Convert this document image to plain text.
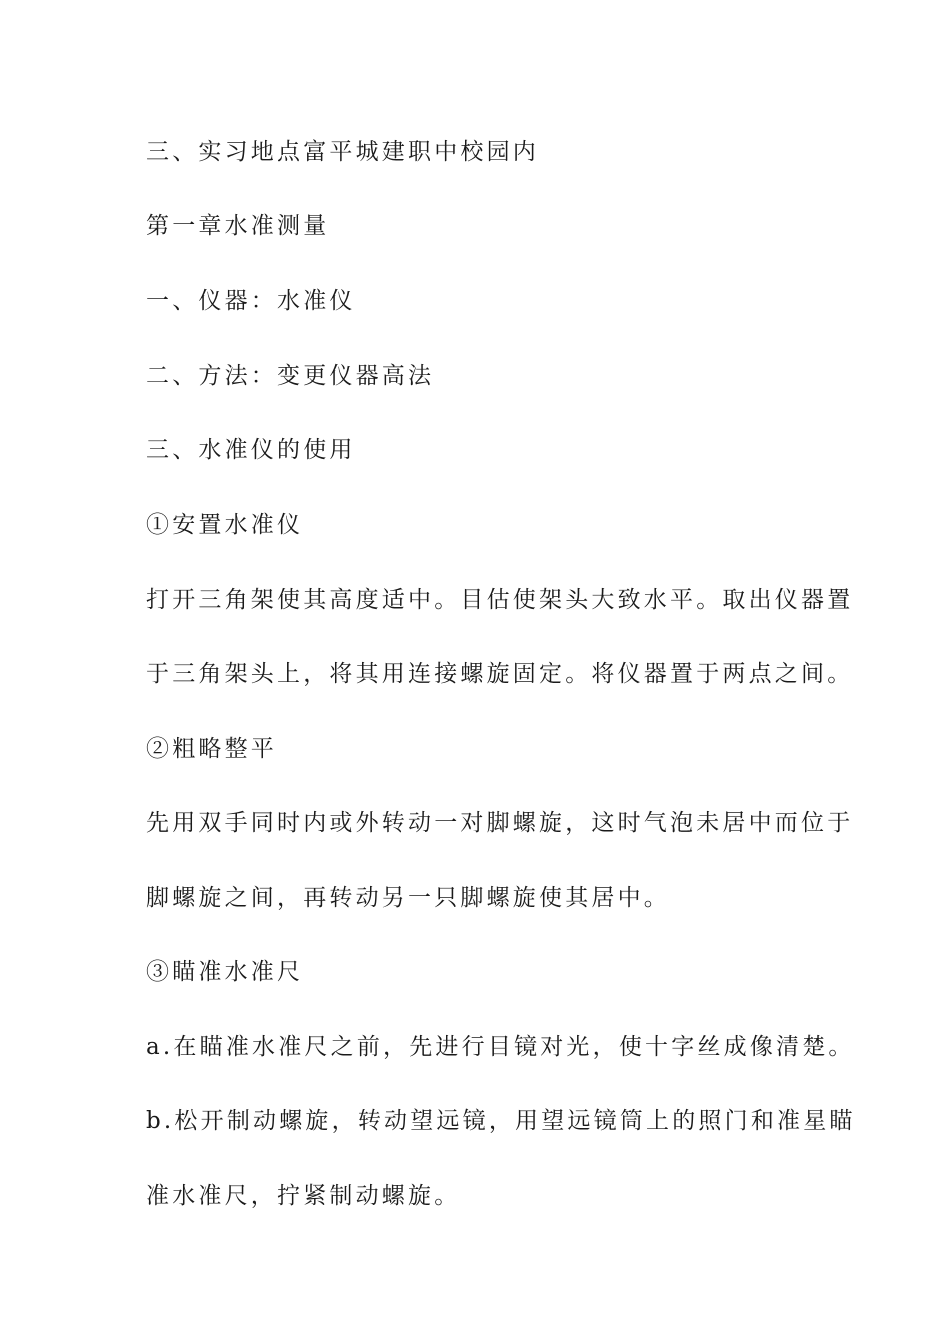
三、实习地点富平城建职中校园内
第一章水准测量
一、仪器：水准仪
二、方法：变更仪器高法
三、水准仪的使用
①安置水准仪
打开三角架使其高度适中。目估使架头大致水平。取出仪器置
于三角架头上，将其用连接螺旋固定。将仪器置于两点之间。
②粗略整平
先用双手同时内或外转动一对脚螺旋，这时气泡未居中而位于
脚螺旋之间，再转动另一只脚螺旋使其居中。
③瞄准水准尺
a.在瞄准水准尺之前，先进行目镜对光，使十字丝成像清楚。
b.松开制动螺旋，转动望远镜，用望远镜筒上的照门和准星瞄
准水准尺，拧紧制动螺旋。
